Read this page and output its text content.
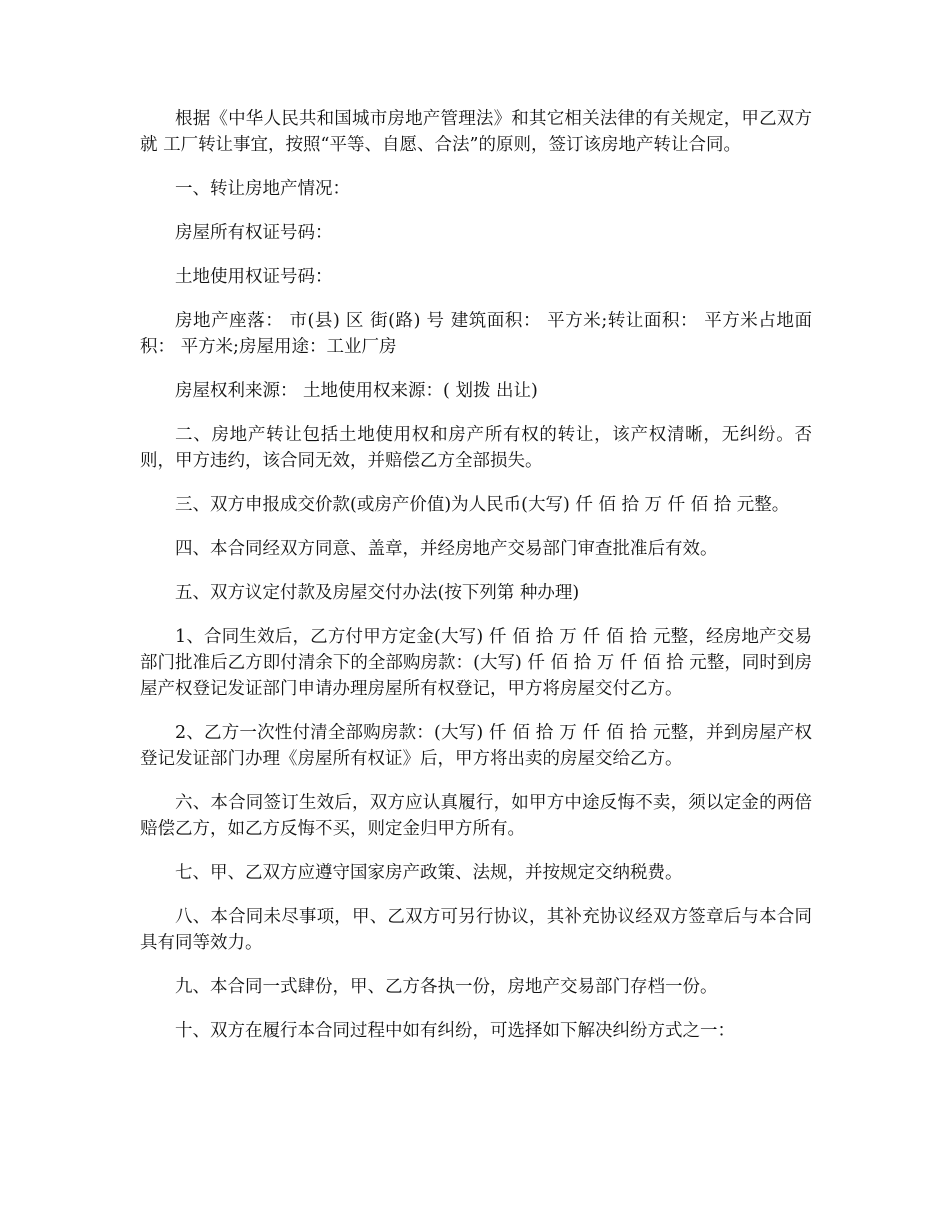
根据《中华人民共和国城市房地产管理法》和其它相关法律的有关规定，甲乙双方就 工厂转让事宜，按照“平等、自愿、合法”的原则，签订该房地产转让合同。

一、转让房地产情况：

房屋所有权证号码：

土地使用权证号码：

房地产座落： 市(县) 区 街(路) 号 建筑面积： 平方米;转让面积： 平方米占地面积： 平方米;房屋用途：工业厂房

房屋权利来源： 土地使用权来源：( 划拨 出让)

二、房地产转让包括土地使用权和房产所有权的转让，该产权清晰，无纠纷。否则，甲方违约，该合同无效，并赔偿乙方全部损失。

三、双方申报成交价款(或房产价值)为人民币(大写) 仟 佰 拾 万 仟 佰 拾 元整。

四、本合同经双方同意、盖章，并经房地产交易部门审查批准后有效。

五、双方议定付款及房屋交付办法(按下列第 种办理)

1、合同生效后，乙方付甲方定金(大写) 仟 佰 拾 万 仟 佰 拾 元整，经房地产交易部门批准后乙方即付清余下的全部购房款：(大写) 仟 佰 拾 万 仟 佰 拾 元整，同时到房屋产权登记发证部门申请办理房屋所有权登记，甲方将房屋交付乙方。

2、乙方一次性付清全部购房款：(大写) 仟 佰 拾 万 仟 佰 拾 元整，并到房屋产权登记发证部门办理《房屋所有权证》后，甲方将出卖的房屋交给乙方。

六、本合同签订生效后，双方应认真履行，如甲方中途反悔不卖，须以定金的两倍赔偿乙方，如乙方反悔不买，则定金归甲方所有。

七、甲、乙双方应遵守国家房产政策、法规，并按规定交纳税费。

八、本合同未尽事项，甲、乙双方可另行协议，其补充协议经双方签章后与本合同具有同等效力。

九、本合同一式肆份，甲、乙方各执一份，房地产交易部门存档一份。

十、双方在履行本合同过程中如有纠纷，可选择如下解决纠纷方式之一：
